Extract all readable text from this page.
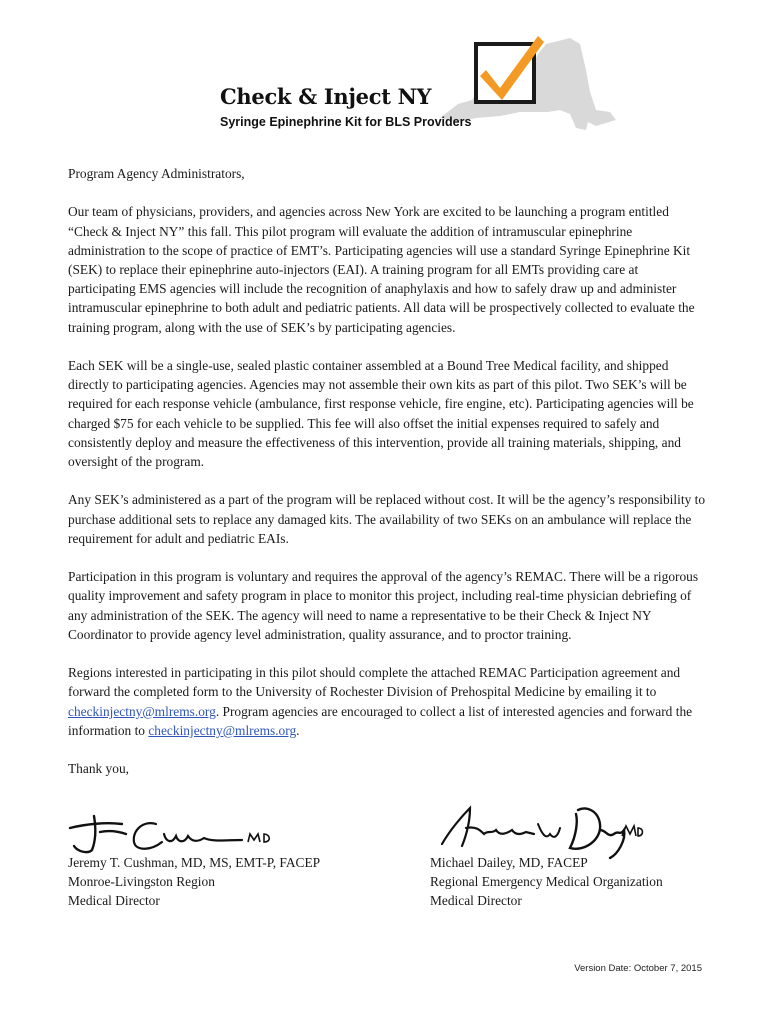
Check & Inject NY
Syringe Epinephrine Kit for BLS Providers

Program Agency Administrators,

Our team of physicians, providers, and agencies across New York are excited to be launching a program entitled “Check & Inject NY” this fall. This pilot program will evaluate the addition of intramuscular epinephrine administration to the scope of practice of EMT’s. Participating agencies will use a standard Syringe Epinephrine Kit (SEK) to replace their epinephrine auto-injectors (EAI). A training program for all EMTs providing care at participating EMS agencies will include the recognition of anaphylaxis and how to safely draw up and administer intramuscular epinephrine to both adult and pediatric patients. All data will be prospectively collected to evaluate the training program, along with the use of SEK’s by participating agencies.

Each SEK will be a single-use, sealed plastic container assembled at a Bound Tree Medical facility, and shipped directly to participating agencies. Agencies may not assemble their own kits as part of this pilot. Two SEK’s will be required for each response vehicle (ambulance, first response vehicle, fire engine, etc). Participating agencies will be charged $75 for each vehicle to be supplied. This fee will also offset the initial expenses required to safely and consistently deploy and measure the effectiveness of this intervention, provide all training materials, shipping, and oversight of the program.

Any SEK’s administered as a part of the program will be replaced without cost. It will be the agency’s responsibility to purchase additional sets to replace any damaged kits. The availability of two SEKs on an ambulance will replace the requirement for adult and pediatric EAIs.

Participation in this program is voluntary and requires the approval of the agency’s REMAC. There will be a rigorous quality improvement and safety program in place to monitor this project, including real-time physician debriefing of any administration of the SEK. The agency will need to name a representative to be their Check & Inject NY Coordinator to provide agency level administration, quality assurance, and to proctor training.

Regions interested in participating in this pilot should complete the attached REMAC Participation agreement and forward the completed form to the University of Rochester Division of Prehospital Medicine by emailing it to checkinjectny@mlrems.org. Program agencies are encouraged to collect a list of interested agencies and forward the information to checkinjectny@mlrems.org.

Thank you,

Jeremy T. Cushman, MD, MS, EMT-P, FACEP
Monroe-Livingston Region
Medical Director
Michael Dailey, MD, FACEP
Regional Emergency Medical Organization
Medical Director
Version Date: October 7, 2015
